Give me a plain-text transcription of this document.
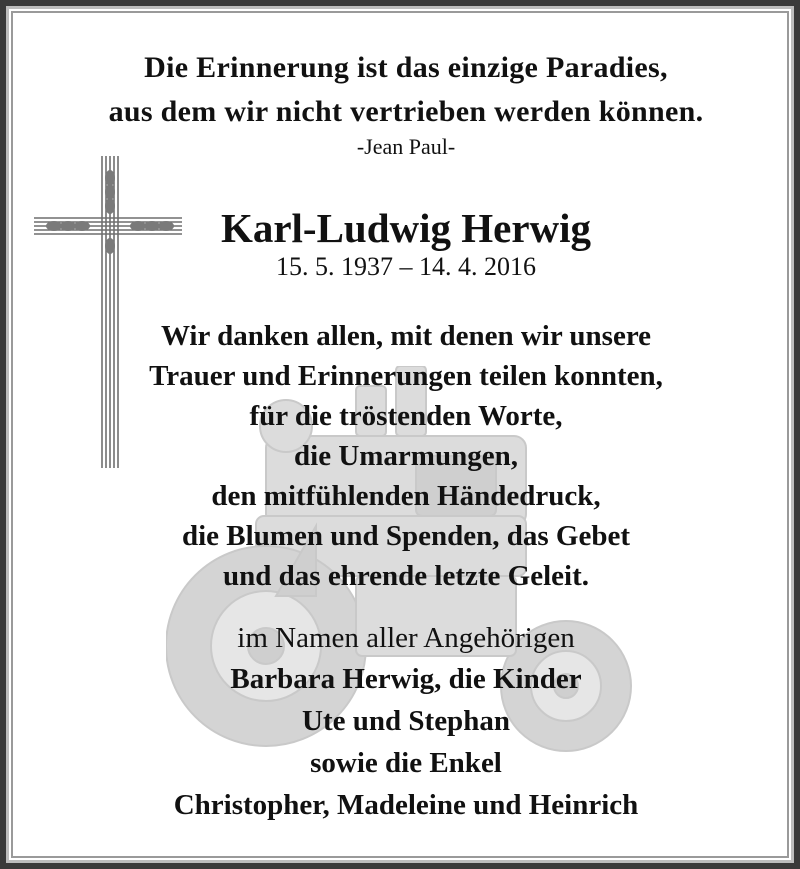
Die Erinnerung ist das einzige Paradies,
aus dem wir nicht vertrieben werden können.
-Jean Paul-
Karl-Ludwig Herwig
15. 5. 1937 – 14. 4. 2016
Wir danken allen, mit denen wir unsere
Trauer und Erinnerungen teilen konnten,
für die tröstenden Worte,
die Umarmungen,
den mitfühlenden Händedruck,
die Blumen und Spenden, das Gebet
und das ehrende letzte Geleit.
im Namen aller Angehörigen
Barbara Herwig, die Kinder
Ute und Stephan
sowie die Enkel
Christopher, Madeleine und Heinrich
